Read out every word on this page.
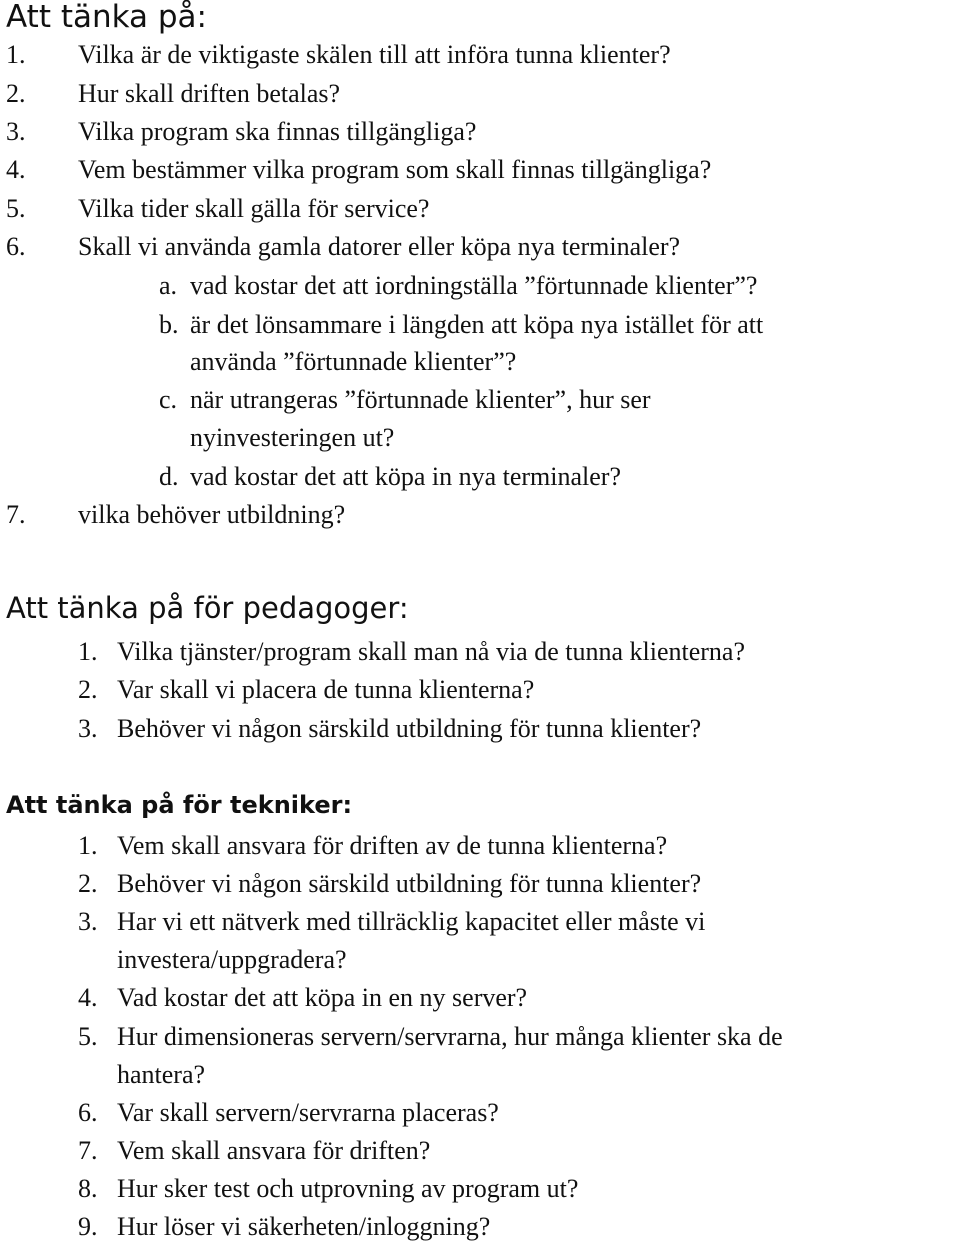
Att tänka på:
1. Vilka är de viktigaste skälen till att införa tunna klienter?
2. Hur skall driften betalas?
3. Vilka program ska finnas tillgängliga?
4. Vem bestämmer vilka program som skall finnas tillgängliga?
5. Vilka tider skall gälla för service?
6. Skall vi använda gamla datorer eller köpa nya terminaler?
a. vad kostar det att iordningställa ”förtunnade klienter”?
b. är det lönsammare i längden att köpa nya istället för att
använda ”förtunnade klienter”?
c. när utrangeras ”förtunnade klienter”, hur ser
nyinvesteringen ut?
d. vad kostar det att köpa in nya terminaler?
7. vilka behöver utbildning?
Att tänka på för pedagoger:
1. Vilka tjänster/program skall man nå via de tunna klienterna?
2. Var skall vi placera de tunna klienterna?
3. Behöver vi någon särskild utbildning för tunna klienter?
Att tänka på för tekniker:
1. Vem skall ansvara för driften av de tunna klienterna?
2. Behöver vi någon särskild utbildning för tunna klienter?
3. Har vi ett nätverk med tillräcklig kapacitet eller måste vi
investera/uppgradera?
4. Vad kostar det att köpa in en ny server?
5. Hur dimensioneras servern/servrarna, hur många klienter ska de
hantera?
6. Var skall servern/servrarna placeras?
7. Vem skall ansvara för driften?
8. Hur sker test och utprovning av program ut?
9. Hur löser vi säkerheten/inloggning?
